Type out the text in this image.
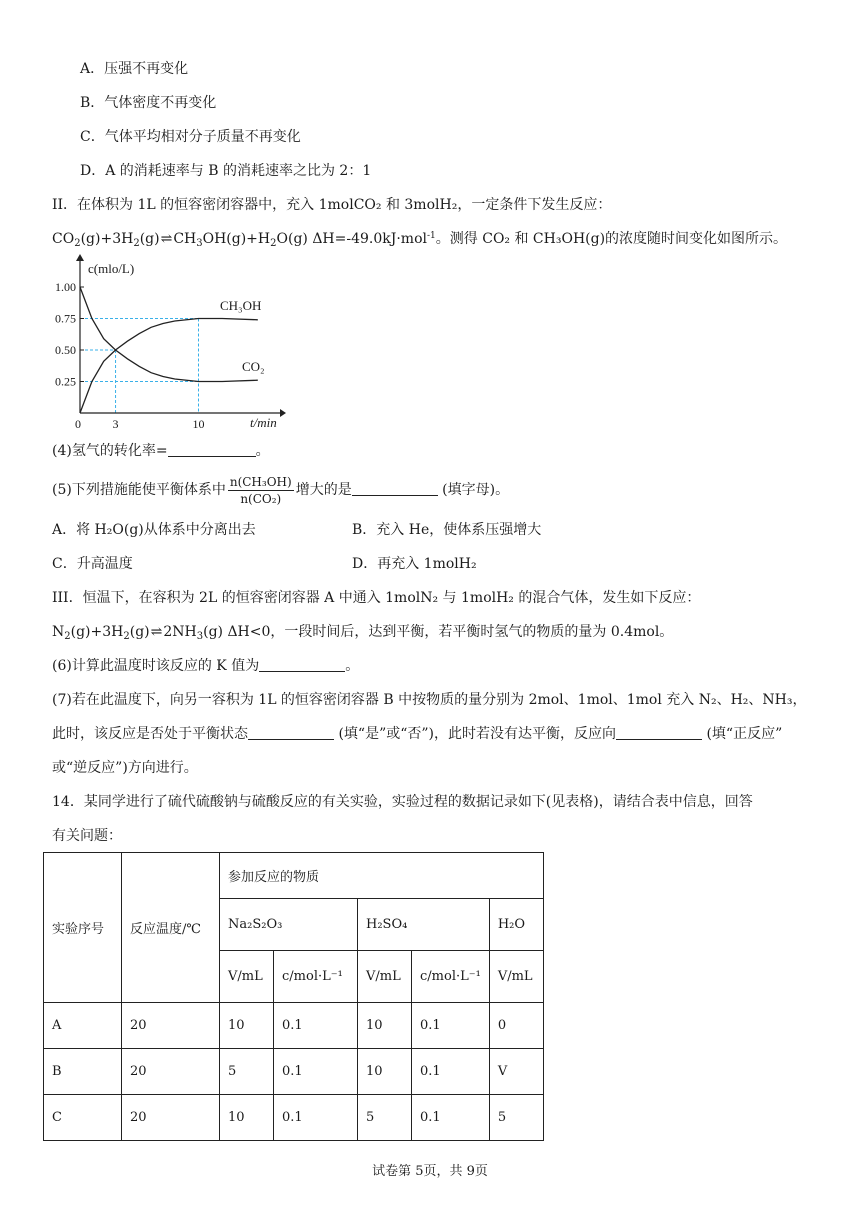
A．压强不再变化
B．气体密度不再变化
C．气体平均相对分子质量不再变化
D．A 的消耗速率与 B 的消耗速率之比为 2：1
II．在体积为 1L 的恒容密闭容器中，充入 1molCO₂ 和 3molH₂，一定条件下发生反应：
$CO_2(g)+3H_2(g)\rightleftharpoons CH_3OH(g)+H_2O(g)$ ΔH=-49.0kJ·mol$^{-1}$。测得 CO₂ 和 CH₃OH(g)的浓度随时间变化如图所示。
1.00
0.75
0.50
0.25
0	3	10
c(mlo/L)
t/min
CH₃OH
CO₂
(4)氢气的转化率=	。
(5)下列措施能使平衡体系中 $\frac{\text{n(CH₃OH)}}{\text{n(CO₂)}}$ 增大的是	(填字母)。
A．将 H₂O(g)从体系中分离出去	B．充入 He，使体系压强增大
C．升高温度	D．再充入 1molH₂
III．恒温下，在容积为 2L 的恒容密闭容器 A 中通入 1molN₂ 与 1molH₂ 的混合气体，发生如下反应：
$N_2(g)+3H_2(g)\rightleftharpoons 2NH_3(g)$ ΔH<0，一段时间后，达到平衡，若平衡时氢气的物质的量为 0.4mol。
(6)计算此温度时该反应的 K 值为	。
(7)若在此温度下，向另一容积为 1L 的恒容密闭容器 B 中按物质的量分别为 2mol、1mol、1mol 充入 N₂、H₂、NH₃，
此时，该反应是否处于平衡状态	(填“是”或“否”)，此时若没有达平衡，反应向	(填“正反应”
或“逆反应”)方向进行。
14．某同学进行了硫代硫酸钠与硫酸反应的有关实验，实验过程的数据记录如下(见表格)，请结合表中信息，回答
有关问题：
实验序号	反应温度/℃	参加反应的物质				
		Na₂S₂O₃		H₂SO₄		H₂O
		V/mL	c/mol·L⁻¹	V/mL	c/mol·L⁻¹	V/mL
A	20	10	0.1	10	0.1	0
B	20	5	0.1	10	0.1	V
C	20	10	0.1	5	0.1	5
试卷第 5页，共 9页
